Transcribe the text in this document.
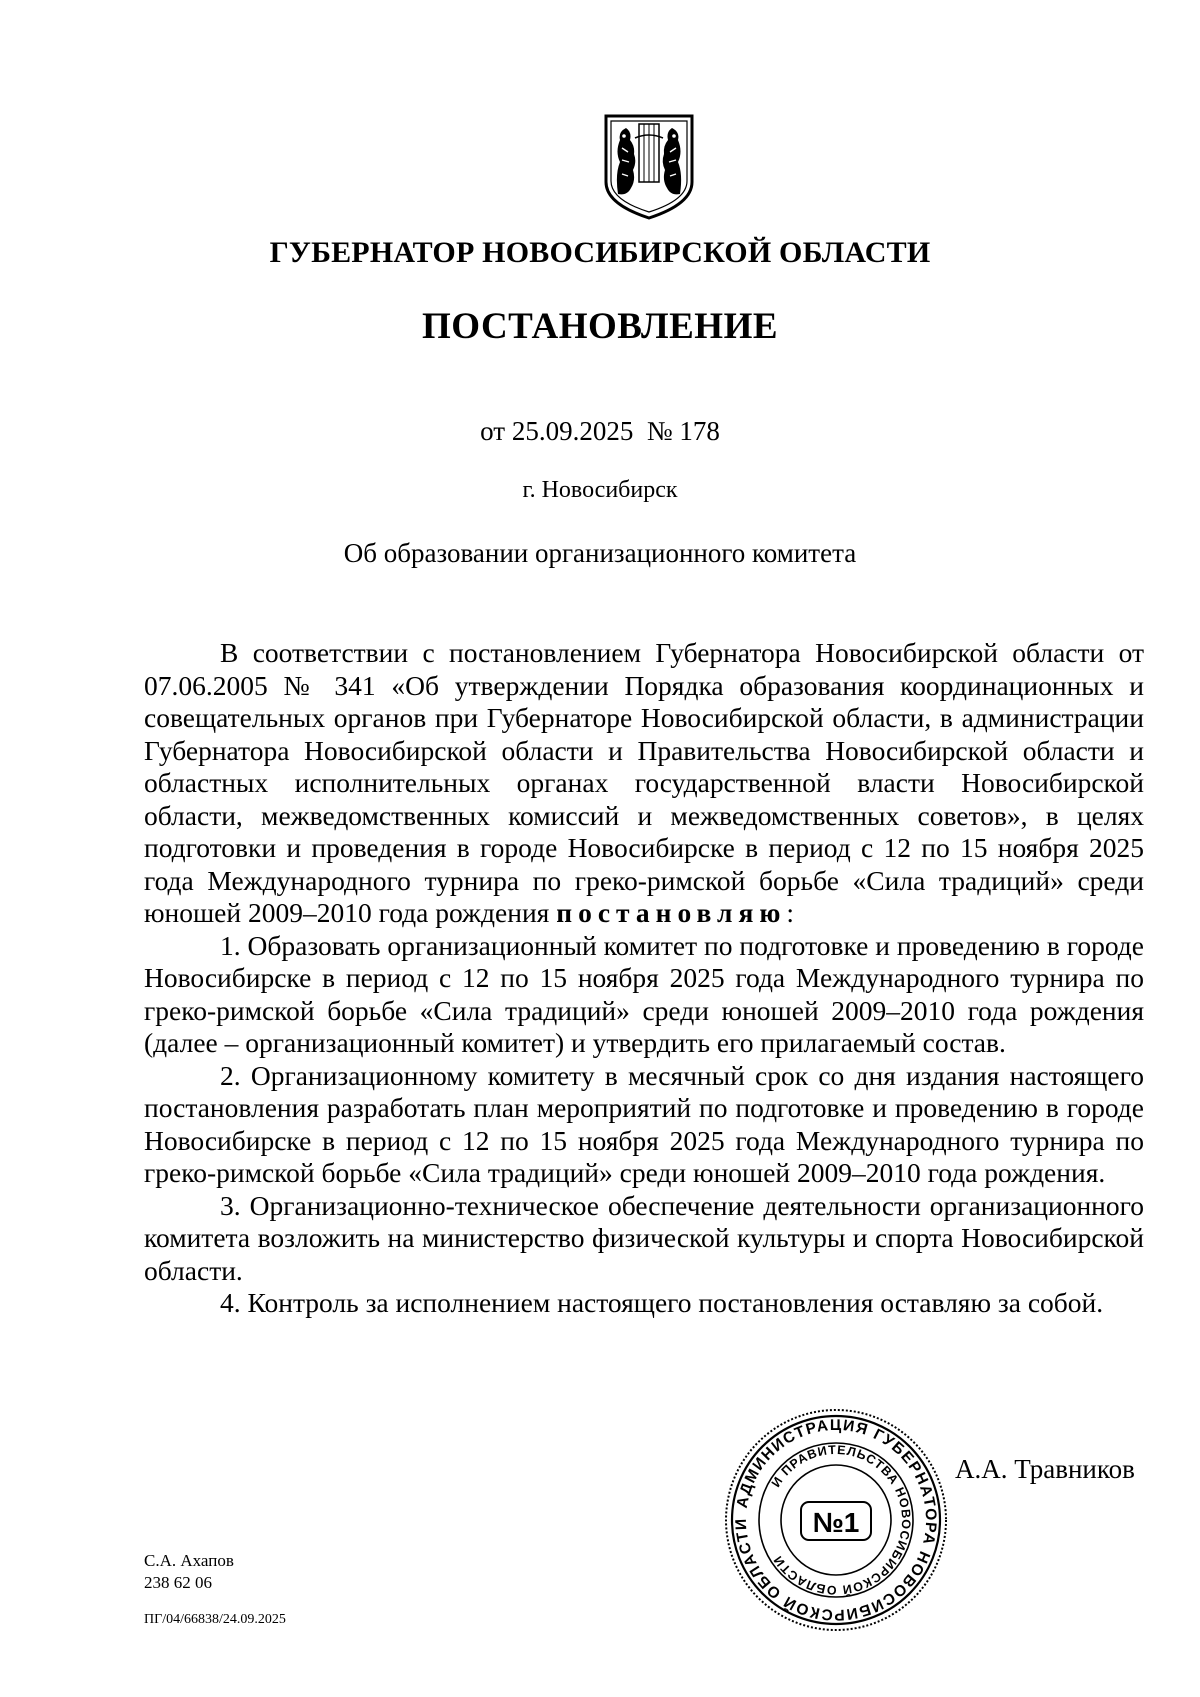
ГУБЕРНАТОР НОВОСИБИРСКОЙ ОБЛАСТИ
ПОСТАНОВЛЕНИЕ
от 25.09.2025 № 178
г. Новосибирск
Об образовании организационного комитета

В соответствии с постановлением Губернатора Новосибирской области от 07.06.2005 № 341 «Об утверждении Порядка образования координационных и совещательных органов при Губернаторе Новосибирской области, в администрации Губернатора Новосибирской области и Правительства Новосибирской области и областных исполнительных органах государственной власти Новосибирской области, межведомственных комиссий и межведомственных советов», в целях подготовки и проведения в городе Новосибирске в период с 12 по 15 ноября 2025 года Международного турнира по греко-римской борьбе «Сила традиций» среди юношей 2009–2010 года рождения постановляю:

1. Образовать организационный комитет по подготовке и проведению в городе Новосибирске в период с 12 по 15 ноября 2025 года Международного турнира по греко-римской борьбе «Сила традиций» среди юношей 2009–2010 года рождения (далее – организационный комитет) и утвердить его прилагаемый состав.

2. Организационному комитету в месячный срок со дня издания настоящего постановления разработать план мероприятий по подготовке и проведению в городе Новосибирске в период с 12 по 15 ноября 2025 года Международного турнира по греко-римской борьбе «Сила традиций» среди юношей 2009–2010 года рождения.

3. Организационно-техническое обеспечение деятельности организационного комитета возложить на министерство физической культуры и спорта Новосибирской области.

4. Контроль за исполнением настоящего постановления оставляю за собой.

АДМИНИСТРАЦИЯ ГУБЕРНАТОРА НОВОСИБИРСКОЙ ОБЛАСТИ
И ПРАВИТЕЛЬСТВА НОВОСИБИРСКОЙ ОБЛАСТИ
№1
А.А. Травников
С.А. Ахапов
238 62 06
ПГ/04/66838/24.09.2025
